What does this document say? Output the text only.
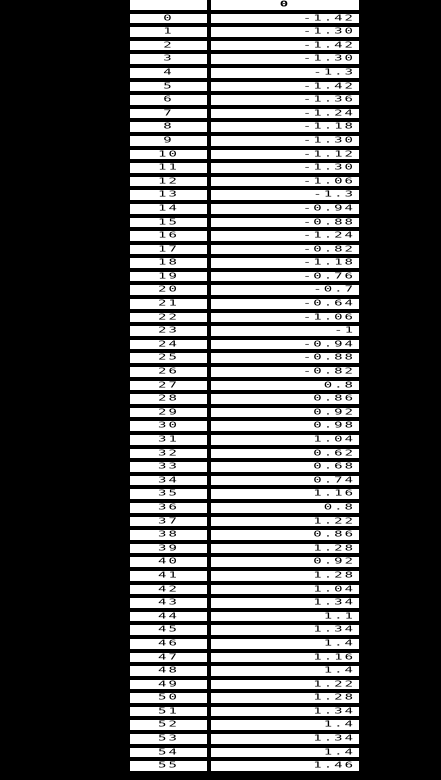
	0
0	-1.42
1	-1.30
2	-1.42
3	-1.30
4	-1.3
5	-1.42
6	-1.36
7	-1.24
8	-1.18
9	-1.30
10	-1.12
11	-1.30
12	-1.06
13	-1.3
14	-0.94
15	-0.88
16	-1.24
17	-0.82
18	-1.18
19	-0.76
20	-0.7
21	-0.64
22	-1.06
23	-1
24	-0.94
25	-0.88
26	-0.82
27	0.8
28	0.86
29	0.92
30	0.98
31	1.04
32	0.62
33	0.68
34	0.74
35	1.16
36	0.8
37	1.22
38	0.86
39	1.28
40	0.92
41	1.28
42	1.04
43	1.34
44	1.1
45	1.34
46	1.4
47	1.16
48	1.4
49	1.22
50	1.28
51	1.34
52	1.4
53	1.34
54	1.4
55	1.46
